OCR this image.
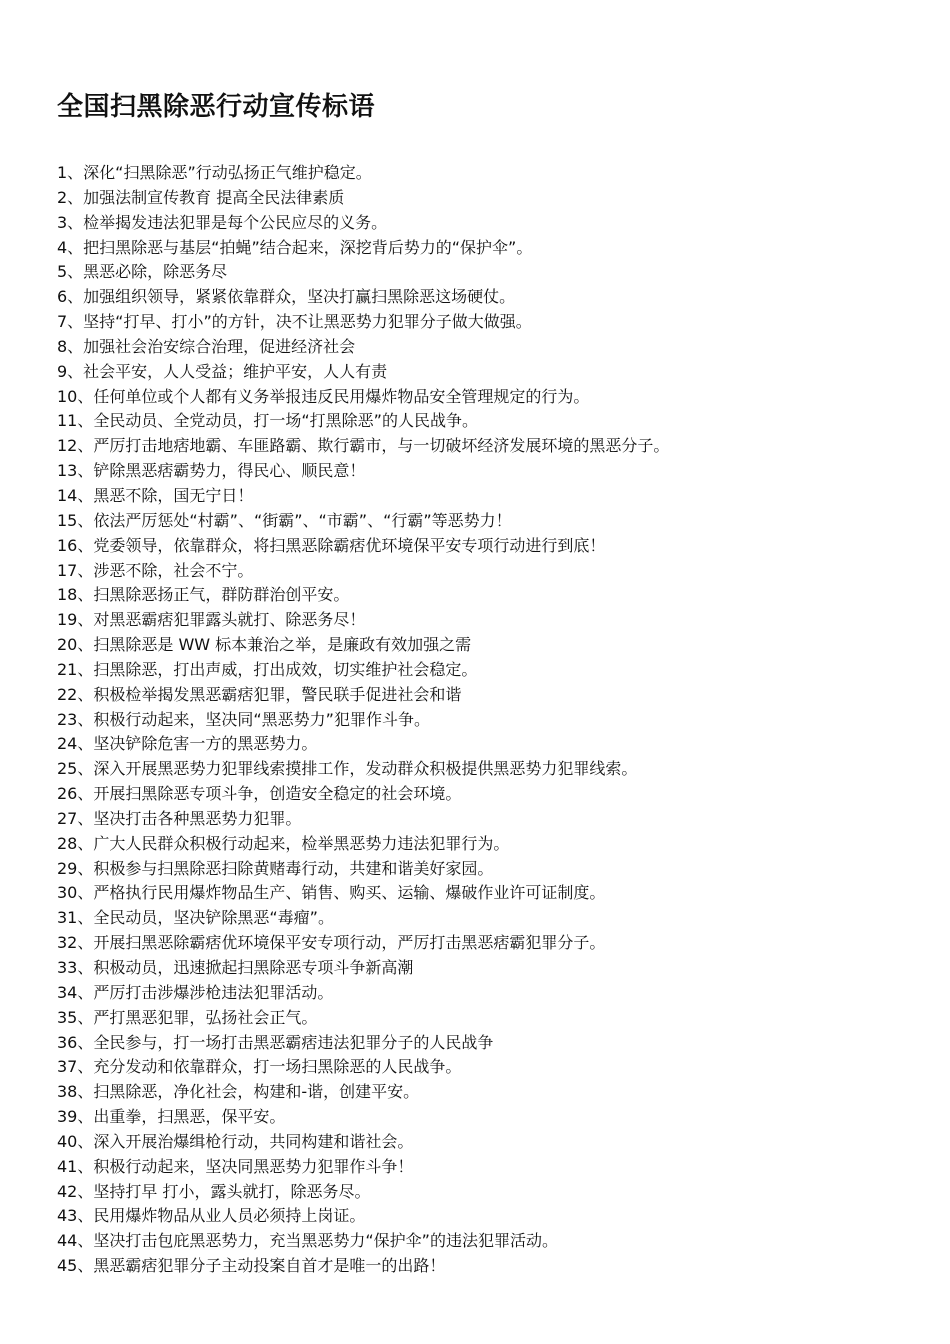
全国扫黑除恶行动宣传标语
1、深化“扫黑除恶”行动弘扬正气维护稳定。
2、加强法制宣传教育 提高全民法律素质
3、检举揭发违法犯罪是每个公民应尽的义务。
4、把扫黑除恶与基层“拍蝇”结合起来，深挖背后势力的“保护伞”。
5、黑恶必除，除恶务尽
6、加强组织领导，紧紧依靠群众，坚决打赢扫黑除恶这场硬仗。
7、坚持“打早、打小”的方针，决不让黑恶势力犯罪分子做大做强。
8、加强社会治安综合治理，促进经济社会
9、社会平安，人人受益；维护平安，人人有责
10、任何单位或个人都有义务举报违反民用爆炸物品安全管理规定的行为。
11、全民动员、全党动员，打一场“打黑除恶”的人民战争。
12、严厉打击地痞地霸、车匪路霸、欺行霸市，与一切破坏经济发展环境的黑恶分子。
13、铲除黑恶痞霸势力，得民心、顺民意！
14、黑恶不除，国无宁日！
15、依法严厉惩处“村霸”、“街霸”、“市霸”、“行霸”等恶势力！
16、党委领导，依靠群众，将扫黑恶除霸痞优环境保平安专项行动进行到底！
17、涉恶不除，社会不宁。
18、扫黑除恶扬正气，群防群治创平安。
19、对黑恶霸痞犯罪露头就打、除恶务尽！
20、扫黑除恶是 WW 标本兼治之举，是廉政有效加强之需
21、扫黑除恶，打出声威，打出成效，切实维护社会稳定。
22、积极检举揭发黑恶霸痞犯罪，警民联手促进社会和谐
23、积极行动起来，坚决同“黑恶势力”犯罪作斗争。
24、坚决铲除危害一方的黑恶势力。
25、深入开展黑恶势力犯罪线索摸排工作，发动群众积极提供黑恶势力犯罪线索。
26、开展扫黑除恶专项斗争，创造安全稳定的社会环境。
27、坚决打击各种黑恶势力犯罪。
28、广大人民群众积极行动起来，检举黑恶势力违法犯罪行为。
29、积极参与扫黑除恶扫除黄赌毒行动，共建和谐美好家园。
30、严格执行民用爆炸物品生产、销售、购买、运输、爆破作业许可证制度。
31、全民动员，坚决铲除黑恶“毒瘤”。
32、开展扫黑恶除霸痞优环境保平安专项行动，严厉打击黑恶痞霸犯罪分子。
33、积极动员，迅速掀起扫黑除恶专项斗争新高潮
34、严厉打击涉爆涉枪违法犯罪活动。
35、严打黑恶犯罪，弘扬社会正气。
36、全民参与，打一场打击黑恶霸痞违法犯罪分子的人民战争
37、充分发动和依靠群众，打一场扫黑除恶的人民战争。
38、扫黑除恶，净化社会，构建和-谐，创建平安。
39、出重拳，扫黑恶，保平安。
40、深入开展治爆缉枪行动，共同构建和谐社会。
41、积极行动起来，坚决同黑恶势力犯罪作斗争！
42、坚持打早 打小，露头就打，除恶务尽。
43、民用爆炸物品从业人员必须持上岗证。
44、坚决打击包庇黑恶势力，充当黑恶势力“保护伞”的违法犯罪活动。
45、黑恶霸痞犯罪分子主动投案自首才是唯一的出路！
